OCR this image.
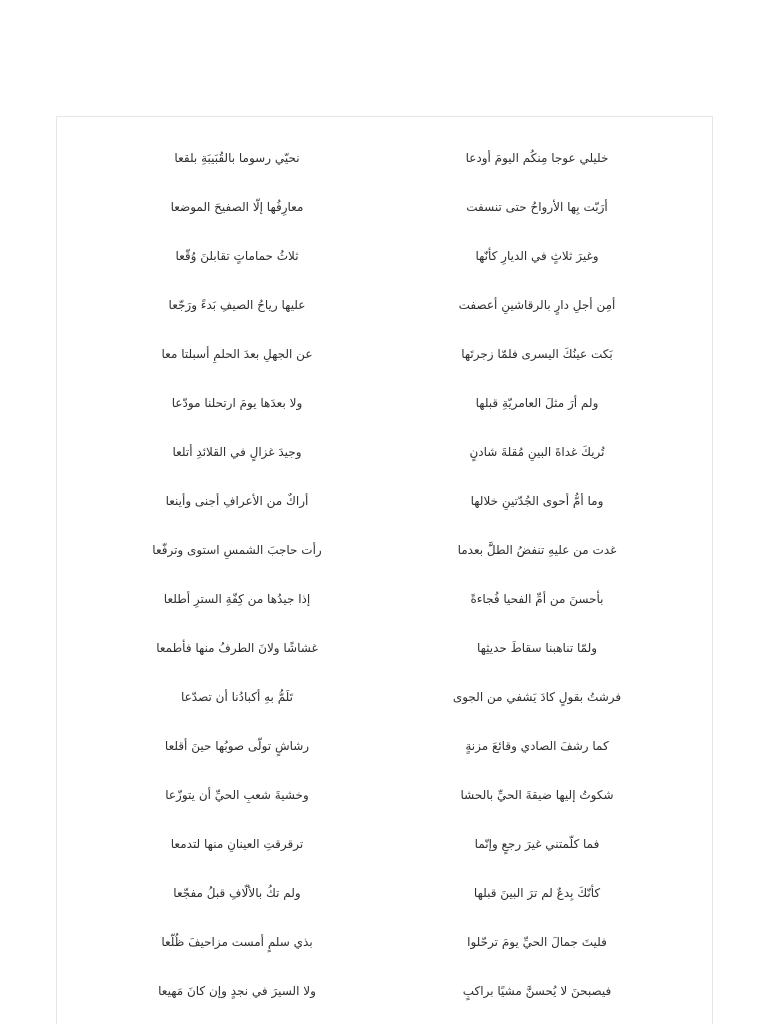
خليلي عوجا مِنكُم اليومَ أودعا
نحيّي رسوما بالقُبَيبَةِ بلقعا
أرَبّت بِها الأرواحُ حتى تنسفت
معارِفُها إلّا الصفيحَ الموضعا
وغيرَ ثلاثٍ في الديارِ كأنّها
ثلاثُ حماماتٍ تقابلنَ وُقّعا
أمِن أجلِ دارٍ بالرقاشينِ أعصفت
عليها رياحُ الصيفِ بَدءً ورَجّعا
بَكت عينُكَ اليسرى فلمّا زجرتَها
عن الجهلِ بعدَ الحلمِ أسبلتا معا
ولم أرَ مثلَ العامريّةِ قبلها
ولا بعدَها يومَ ارتحلنا مودّعا
تُريكَ غداةَ البينِ مُقلةَ شادنٍ
وجيدَ غزالٍ في القلائدِ أتلعا
وما أمُّ أحوى الجُدّتينِ خلالها
أراكٌ من الأعرافِ أجنى وأينعا
غدت من عليهِ تنفضُ الطلَّ بعدما
رأت حاجبَ الشمسِ استوى وترفّعا
بأحسنَ من أمِّ الفحيا فُجاءةً
إذا جيدُها من كِفّةِ السترِ أطلعا
ولمّا تناهبنا سقاطَ حديثِها
غشاشًا ولانَ الطرفُ منها فأطمعا
فرشتُ بقولٍ كادَ يَشفي من الجوى
تَلَمُّ بهِ أكبادُنا أن تصدّعا
كما رشفَ الصادي وقائعَ مزنةٍ
رشاشٍ تولّى صوبُها حينَ أقلعا
شكوتُ إليها ضيقةَ الحيِّ بالحشا
وخشيةَ شعبِ الحيِّ أن يتوزّعا
فما كلّمتني غيرَ رجعٍ وإنّما
ترقرقتِ العينانِ منها لتدمعا
كأنّكَ بِدعٌ لم ترَ البينَ قبلها
ولم تكُ بالألّافِ قبلُ مفجّعا
فليتَ جمالَ الحيِّ يومَ ترحّلوا
بذي سلمٍ أمست مزاحيفَ ظُلّعا
فيصبحنَ لا يُحسنَّ مشيًا براكبٍ
ولا السيرَ في نجدٍ وإن كانَ مَهيعا
